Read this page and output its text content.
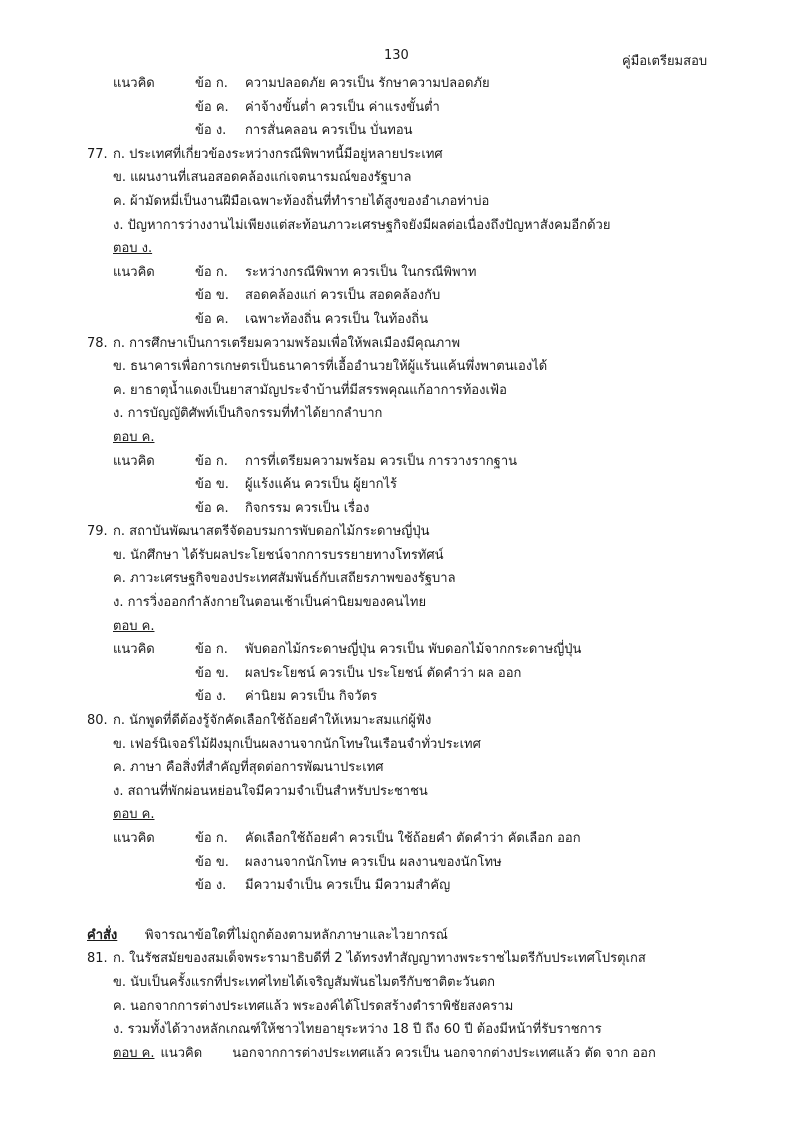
130	คู่มือเตรียมสอบ
แนวคิด	ข้อ ก. ความปลอดภัย ควรเป็น รักษาความปลอดภัย
ข้อ ค. ค่าจ้างขั้นต่ำ ควรเป็น ค่าแรงขั้นต่ำ
ข้อ ง. การสั่นคลอน ควรเป็น บั่นทอน
77. ก. ประเทศที่เกี่ยวข้องระหว่างกรณีพิพาทนี้มีอยู่หลายประเทศ
ข. แผนงานที่เสนอสอดคล้องแก่เจตนารมณ์ของรัฐบาล
ค. ผ้ามัดหมี่เป็นงานฝีมือเฉพาะท้องถิ่นที่ทำรายได้สูงของอำเภอท่าบ่อ
ง. ปัญหาการว่างงานไม่เพียงแต่สะท้อนภาวะเศรษฐกิจยังมีผลต่อเนื่องถึงปัญหาสังคมอีกด้วย
ตอบ ง.
แนวคิด	ข้อ ก. ระหว่างกรณีพิพาท ควรเป็น ในกรณีพิพาท
ข้อ ข. สอดคล้องแก่ ควรเป็น สอดคล้องกับ
ข้อ ค. เฉพาะท้องถิ่น ควรเป็น ในท้องถิ่น
78. ก. การศึกษาเป็นการเตรียมความพร้อมเพื่อให้พลเมืองมีคุณภาพ
ข. ธนาคารเพื่อการเกษตรเป็นธนาคารที่เอื้ออำนวยให้ผู้แร้นแค้นพึ่งพาตนเองได้
ค. ยาธาตุน้ำแดงเป็นยาสามัญประจำบ้านที่มีสรรพคุณแก้อาการท้องเฟ้อ
ง. การบัญญัติศัพท์เป็นกิจกรรมที่ทำได้ยากลำบาก
ตอบ ค.
แนวคิด	ข้อ ก. การที่เตรียมความพร้อม ควรเป็น การวางรากฐาน
ข้อ ข. ผู้แร้งแค้น ควรเป็น ผู้ยากไร้
ข้อ ค. กิจกรรม ควรเป็น เรื่อง
79. ก. สถาบันพัฒนาสตรีจัดอบรมการพับดอกไม้กระดาษญี่ปุ่น
ข. นักศึกษา ได้รับผลประโยชน์จากการบรรยายทางโทรทัศน์
ค. ภาวะเศรษฐกิจของประเทศสัมพันธ์กับเสถียรภาพของรัฐบาล
ง. การวิ่งออกกำลังกายในตอนเช้าเป็นค่านิยมของคนไทย
ตอบ ค.
แนวคิด	ข้อ ก. พับดอกไม้กระดาษญี่ปุ่น ควรเป็น พับดอกไม้จากกระดาษญี่ปุ่น
ข้อ ข. ผลประโยชน์ ควรเป็น ประโยชน์ ตัดคำว่า ผล ออก
ข้อ ง. ค่านิยม ควรเป็น กิจวัตร
80. ก. นักพูดที่ดีต้องรู้จักคัดเลือกใช้ถ้อยคำให้เหมาะสมแก่ผู้ฟัง
ข. เฟอร์นิเจอร์ไม้ฝังมุกเป็นผลงานจากนักโทษในเรือนจำทั่วประเทศ
ค. ภาษา คือสิ่งที่สำคัญที่สุดต่อการพัฒนาประเทศ
ง. สถานที่พักผ่อนหย่อนใจมีความจำเป็นสำหรับประชาชน
ตอบ ค.
แนวคิด	ข้อ ก. คัดเลือกใช้ถ้อยคำ ควรเป็น ใช้ถ้อยคำ ตัดคำว่า คัดเลือก ออก
ข้อ ข. ผลงานจากนักโทษ ควรเป็น ผลงานของนักโทษ
ข้อ ง. มีความจำเป็น ควรเป็น มีความสำคัญ
คำสั่ง พิจารณาข้อใดที่ไม่ถูกต้องตามหลักภาษาและไวยากรณ์
81. ก. ในรัชสมัยของสมเด็จพระรามาธิบดีที่ 2 ได้ทรงทำสัญญาทางพระราชไมตรีกับประเทศโปรตุเกส
ข. นับเป็นครั้งแรกที่ประเทศไทยได้เจริญสัมพันธไมตรีกับชาติตะวันตก
ค. นอกจากการต่างประเทศแล้ว พระองค์ได้โปรดสร้างตำราพิชัยสงคราม
ง. รวมทั้งได้วางหลักเกณฑ์ให้ชาวไทยอายุระหว่าง 18 ปี ถึง 60 ปี ต้องมีหน้าที่รับราชการ
ตอบ ค. แนวคิด นอกจากการต่างประเทศแล้ว ควรเป็น นอกจากต่างประเทศแล้ว ตัด จาก ออก
